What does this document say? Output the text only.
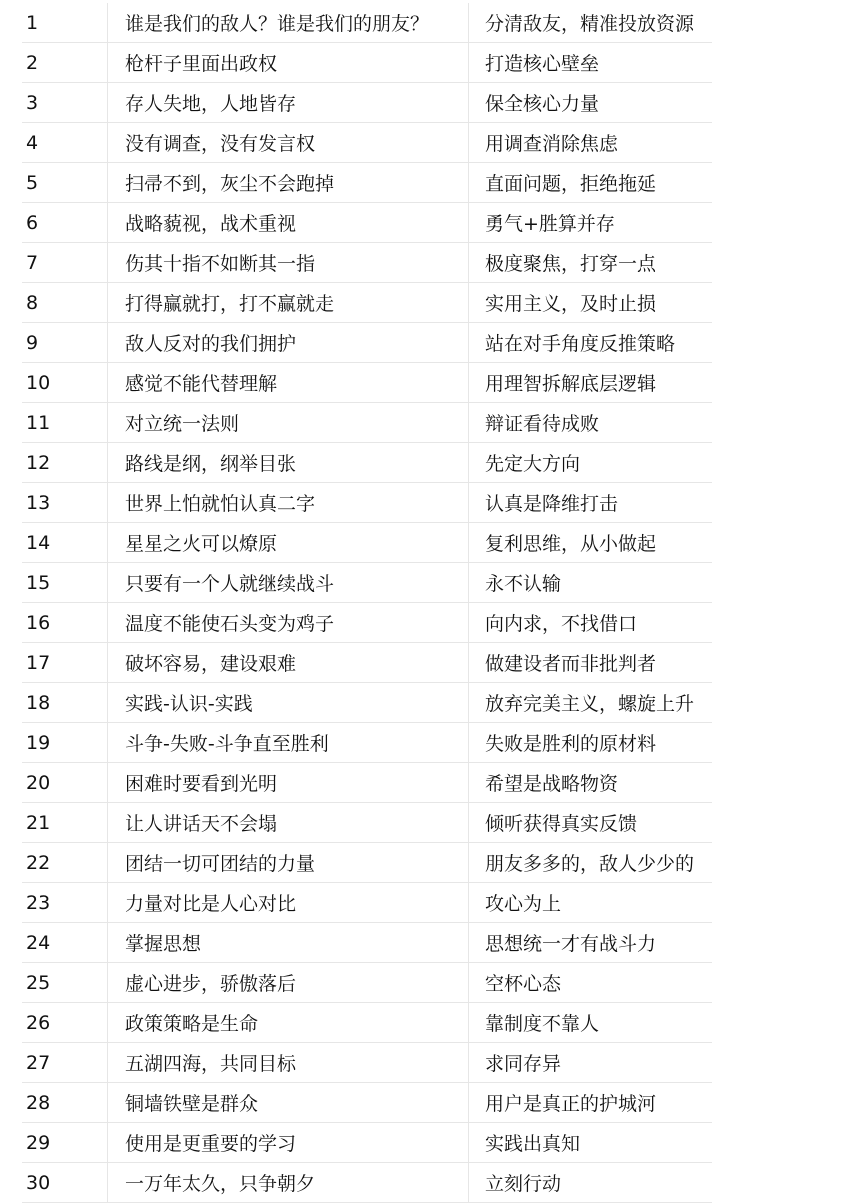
1	谁是我们的敌人？谁是我们的朋友？	分清敌友，精准投放资源
2	枪杆子里面出政权	打造核心壁垒
3	存人失地，人地皆存	保全核心力量
4	没有调查，没有发言权	用调查消除焦虑
5	扫帚不到，灰尘不会跑掉	直面问题，拒绝拖延
6	战略藐视，战术重视	勇气+胜算并存
7	伤其十指不如断其一指	极度聚焦，打穿一点
8	打得赢就打，打不赢就走	实用主义，及时止损
9	敌人反对的我们拥护	站在对手角度反推策略
10	感觉不能代替理解	用理智拆解底层逻辑
11	对立统一法则	辩证看待成败
12	路线是纲，纲举目张	先定大方向
13	世界上怕就怕认真二字	认真是降维打击
14	星星之火可以燎原	复利思维，从小做起
15	只要有一个人就继续战斗	永不认输
16	温度不能使石头变为鸡子	向内求，不找借口
17	破坏容易，建设艰难	做建设者而非批判者
18	实践-认识-实践	放弃完美主义，螺旋上升
19	斗争-失败-斗争直至胜利	失败是胜利的原材料
20	困难时要看到光明	希望是战略物资
21	让人讲话天不会塌	倾听获得真实反馈
22	团结一切可团结的力量	朋友多多的，敌人少少的
23	力量对比是人心对比	攻心为上
24	掌握思想	思想统一才有战斗力
25	虚心进步，骄傲落后	空杯心态
26	政策策略是生命	靠制度不靠人
27	五湖四海，共同目标	求同存异
28	铜墙铁壁是群众	用户是真正的护城河
29	使用是更重要的学习	实践出真知
30	一万年太久，只争朝夕	立刻行动
